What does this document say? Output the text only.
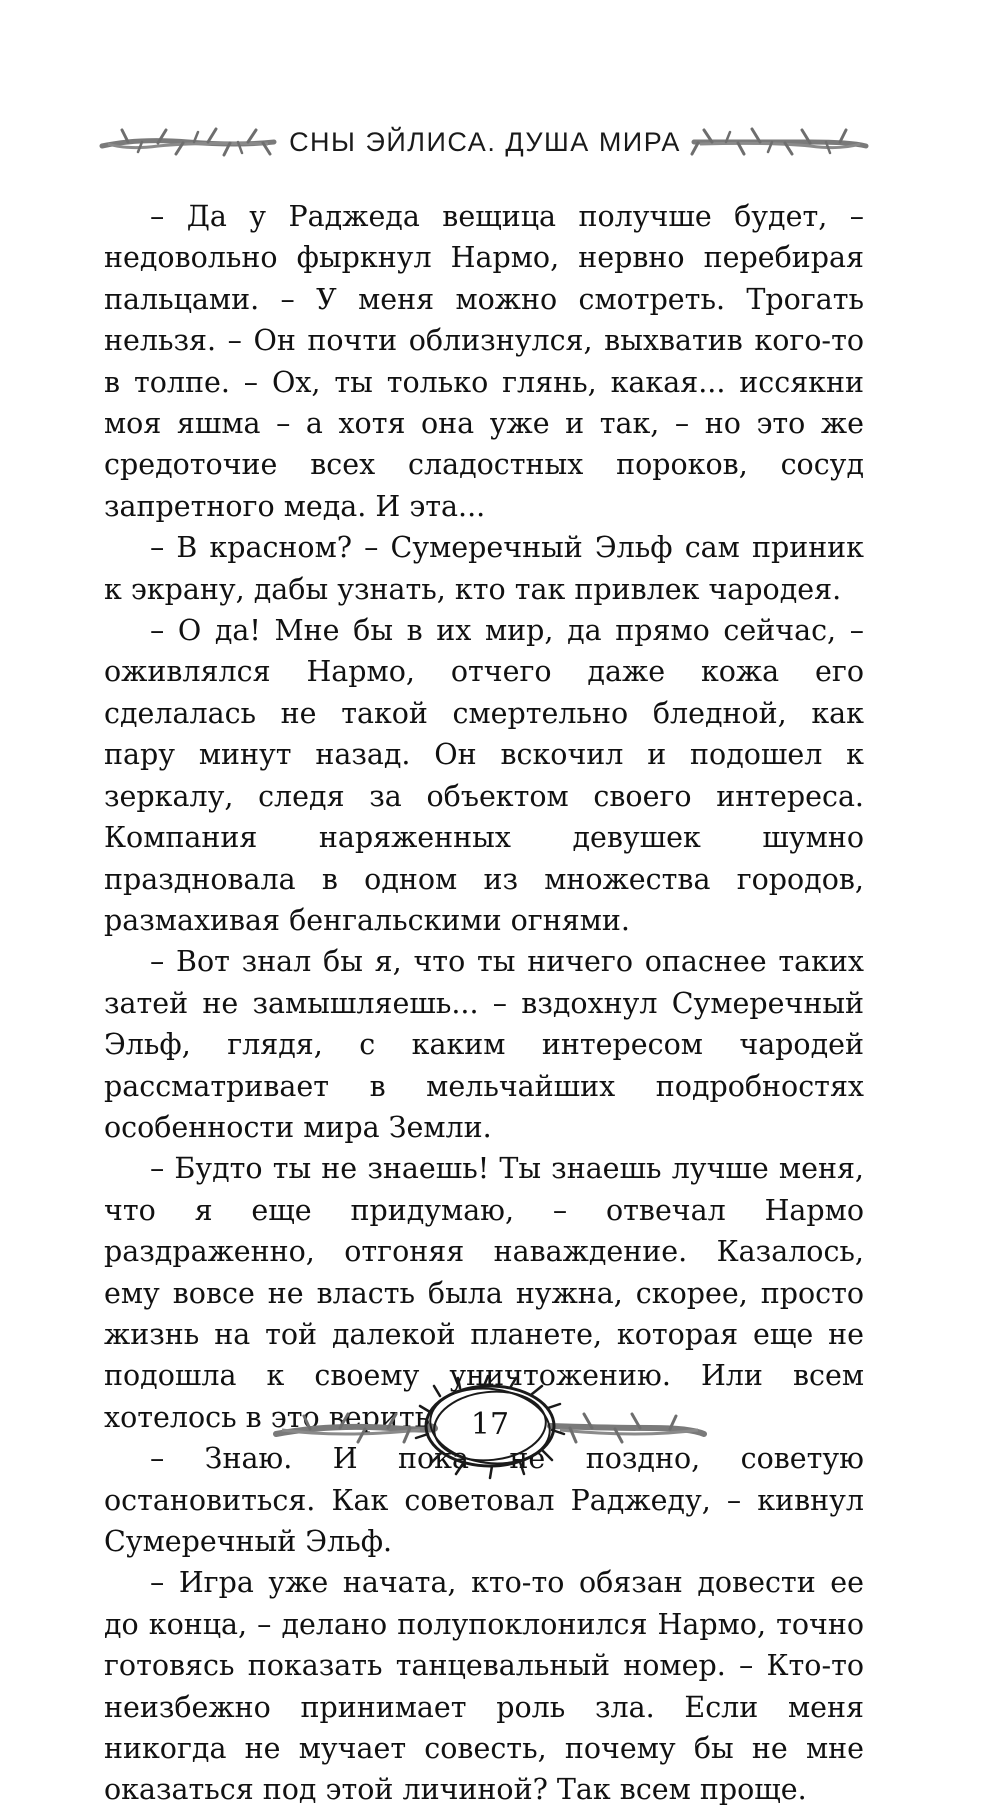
СНЫ ЭЙЛИСА. ДУША МИРА

– Да у Раджеда вещица получше будет, – недовольно фыркнул Нармо, нервно перебирая пальцами. – У меня можно смотреть. Трогать нельзя. – Он почти облизнулся, выхватив кого-то в толпе. – Ох, ты только глянь, какая... иссякни моя яшма – а хотя она уже и так, – но это же средоточие всех сладостных пороков, сосуд запретного меда. И эта...

– В красном? – Сумеречный Эльф сам приник к экрану, дабы узнать, кто так привлек чародея.

– О да! Мне бы в их мир, да прямо сейчас, – оживлялся Нармо, отчего даже кожа его сделалась не такой смертельно бледной, как пару минут назад. Он вскочил и подошел к зеркалу, следя за объектом своего интереса. Компания наряженных девушек шумно праздновала в одном из множества городов, размахивая бенгальскими огнями.

– Вот знал бы я, что ты ничего опаснее таких затей не замышляешь... – вздохнул Сумеречный Эльф, глядя, с каким интересом чародей рассматривает в мельчайших подробностях особенности мира Земли.

– Будто ты не знаешь! Ты знаешь лучше меня, что я еще придумаю, – отвечал Нармо раздраженно, отгоняя наваждение. Казалось, ему вовсе не власть была нужна, скорее, просто жизнь на той далекой планете, которая еще не подошла к своему уничтожению. Или всем хотелось в это верить.

– Знаю. И пока не поздно, советую остановиться. Как советовал Раджеду, – кивнул Сумеречный Эльф.

– Игра уже начата, кто-то обязан довести ее до конца, – делано полупоклонился Нармо, точно готовясь показать танцевальный номер. – Кто-то неизбежно принимает роль зла. Если меня никогда не мучает совесть, почему бы не мне оказаться под этой личиной? Так всем проще.

17
